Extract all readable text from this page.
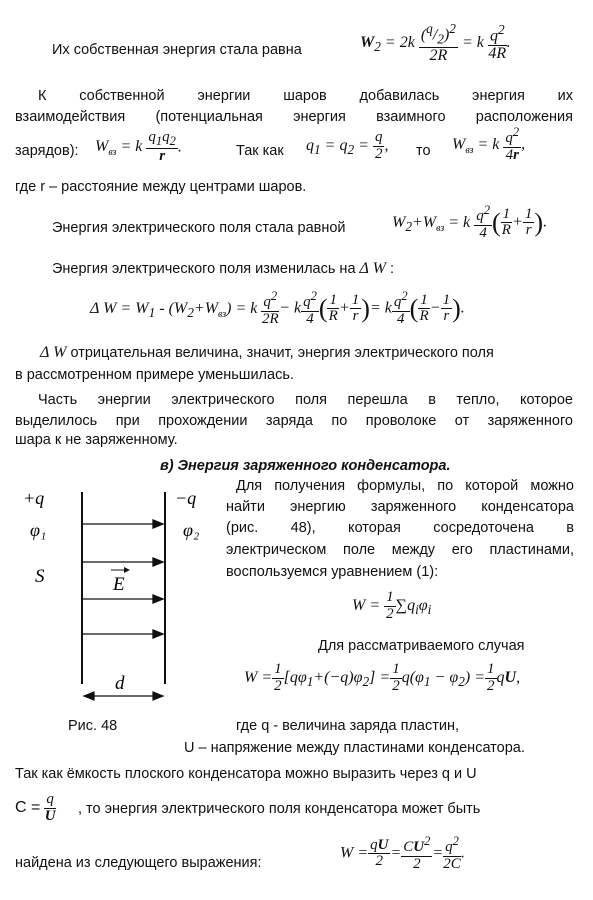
Их собственная энергия стала равна	$W_2 = 2k \frac{(^q/_2)^2}{2R} = k \frac{q^2}{4R}$ .
К собственной энергии шаров добавилась энергия их
взаимодействия (потенциальная энергия взаимного расположения
зарядов): $W_{вз} = k \frac{q_1q_2}{r}$ .	Так как $q_1 = q_2 = \frac{q}{2}$ , то $W_{вз} = k \frac{q^2}{4r}$ ,
где r – расстояние между центрами шаров.
Энергия электрического поля стала равной	$W_2+W_{вз} = k \frac{q^2}{4}$ ( $\frac{1}{R} + \frac{1}{r}$ ).
Энергия электрического поля изменилась на Δ W :
Δ $W = W_1 - (W_2+W_{вз}) = k \frac{q^2}{2R} - k \frac{q^2}{4}$ ( $\frac{1}{R} + \frac{1}{r}$ )= k $\frac{q^2}{4}$ ( $\frac{1}{R} - \frac{1}{r}$ ).
Δ W отрицательная величина, значит, энергия электрического поля
в рассмотренном примере уменьшилась.
Часть энергии электрического поля перешла в тепло, которое
выделилось при прохождении заряда по проволоке от заряженного
шара к не заряженному.
в) Энергия заряженного конденсатора.
+q	−q
φ₁	φ₂
S	E
d
Рис. 48
Для получения формулы, по которой можно
найти энергию заряженного конденсатора
(рис. 48), которая сосредоточена в
электрическом поле между его пластинами,
воспользуемся уравнением (1):
$W = \frac{1}{2} \sum q_i\varphi_i$
Для рассматриваемого случая
$W = \frac{1}{2} [q\varphi_1+(-q)\varphi_2] = \frac{1}{2} q(\varphi_1 - \varphi_2) = \frac{1}{2}$ qU,
где q - величина заряда пластин,
U – напряжение между пластинами конденсатора.
Так как ёмкость плоского конденсатора можно выразить через q и U
$C = \frac{q}{U}$ , то энергия электрического поля конденсатора может быть
найдена из следующего выражения:
$W = \frac{qU}{2} = \frac{CU^2}{2} = \frac{q^2}{2C}$ .
